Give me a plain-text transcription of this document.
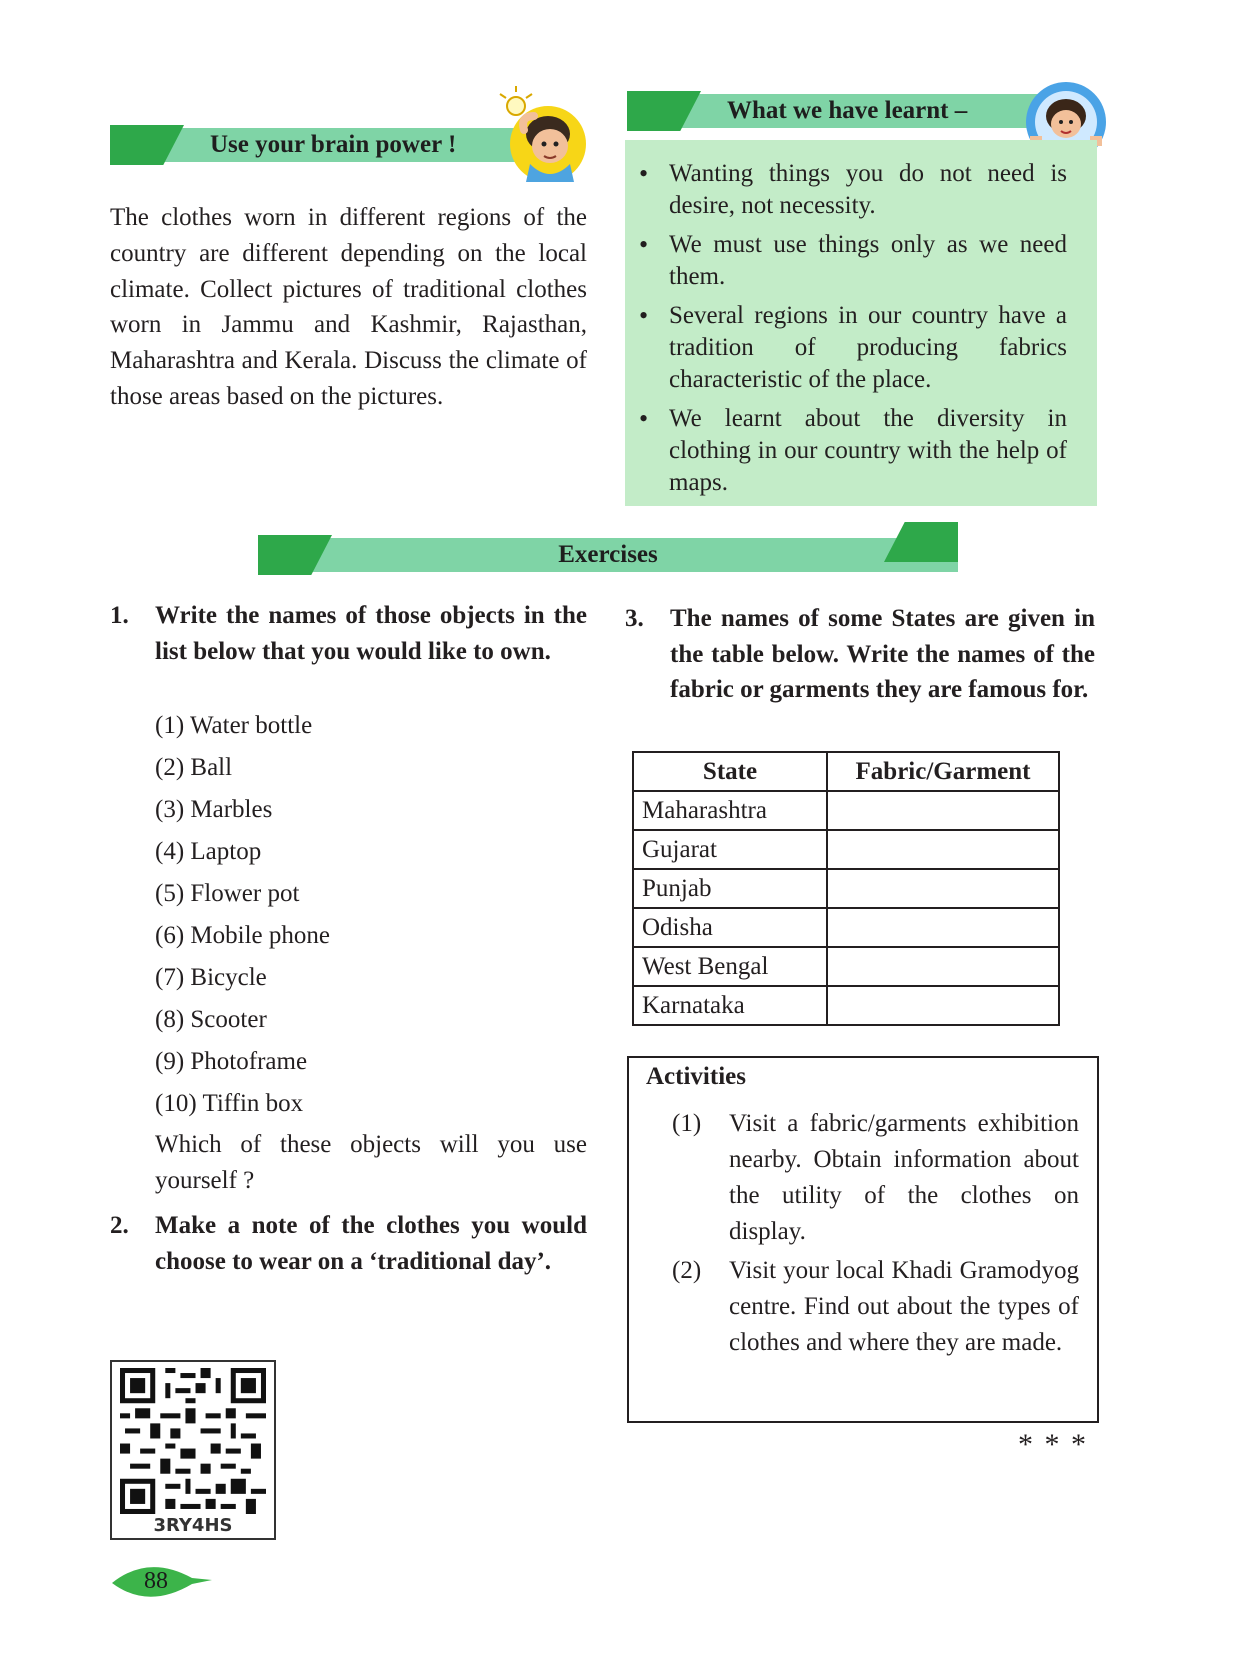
Use your brain power !
The clothes worn in different regions of the country are different depending on the local climate. Collect pictures of traditional clothes worn in Jammu and Kashmir, Rajasthan, Maharashtra and Kerala. Discuss the climate of those areas based on the pictures.
What we have learnt –
• Wanting things you do not need is desire, not necessity.
• We must use things only as we need them.
• Several regions in our country have a tradition of producing fabrics characteristic of the place.
• We learnt about the diversity in clothing in our country with the help of maps.
Exercises
1. Write the names of those objects in the list below that you would like to own.
(1) Water bottle
(2) Ball
(3) Marbles
(4) Laptop
(5) Flower pot
(6) Mobile phone
(7) Bicycle
(8) Scooter
(9) Photoframe
(10) Tiffin box
Which of these objects will you use yourself ?
2. Make a note of the clothes you would choose to wear on a ‘traditional day’.
3. The names of some States are given in the table below. Write the names of the fabric or garments they are famous for.
State	Fabric/Garment
Maharashtra	
Gujarat	
Punjab	
Odisha	
West Bengal	
Karnataka	
Activities
(1) Visit a fabric/garments exhibition nearby. Obtain information about the utility of the clothes on display.
(2) Visit your local Khadi Gramodyog centre. Find out about the types of clothes and where they are made.
* * *
3RY4HS
88
